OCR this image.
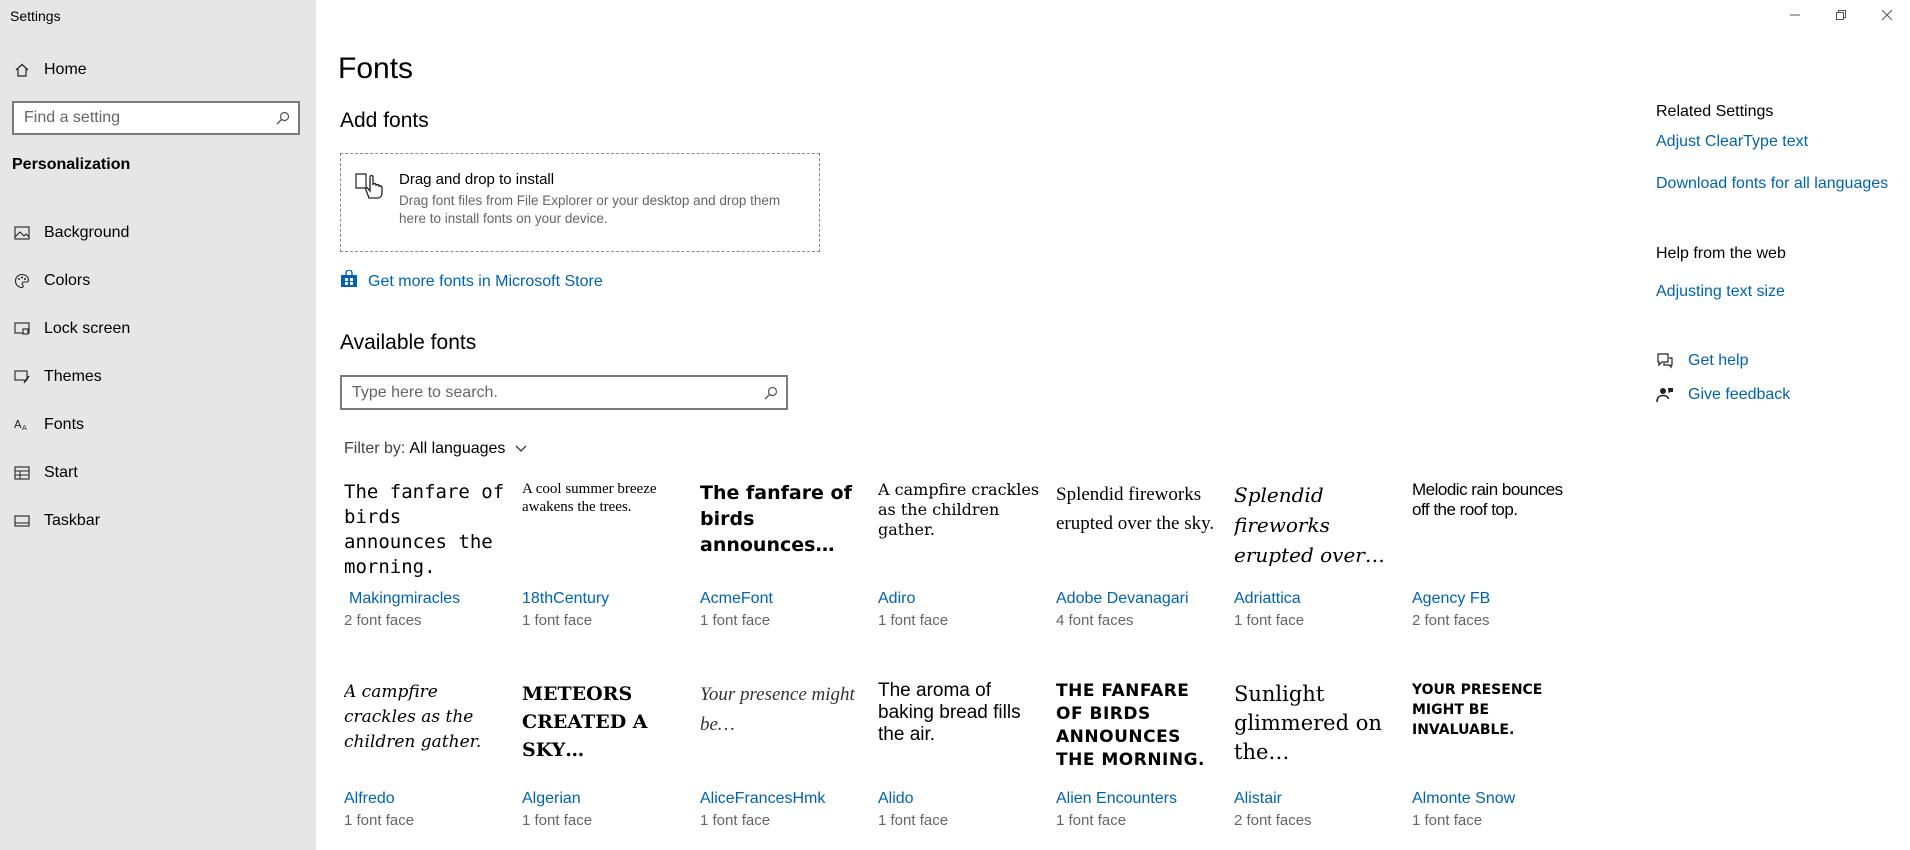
Settings
Home
Find a setting
Personalization
Background
Colors
Lock screen
Themes
A A Fonts
Start
Taskbar
Fonts
Add fonts
Drag and drop to install
Drag font files from File Explorer or your desktop and drop them here to install fonts on your device.
Get more fonts in Microsoft Store
Available fonts
Type here to search.
Filter by: All languages
The fanfare of birds announces the morning.
Makingmiracles
2 font faces
A cool summer breeze awakens the trees.
18thCentury
1 font face
The fanfare of birds announces…
AcmeFont
1 font face
A campfire crackles as the children gather.
Adiro
1 font face
Splendid fireworks erupted over the sky.
Adobe Devanagari
4 font faces
Splendid fireworks erupted over…
Adriattica
1 font face
Melodic rain bounces off the roof top.
Agency FB
2 font faces
A campfire crackles as the children gather.
Alfredo
1 font face
METEORS CREATED A SKY…
Algerian
1 font face
Your presence might be…
AliceFrancesHmk
1 font face
The aroma of baking bread fills the air.
Alido
1 font face
THE FANFARE OF BIRDS ANNOUNCES THE MORNING.
Alien Encounters
1 font face
Sunlight glimmered on the…
Alistair
2 font faces
YOUR PRESENCE MIGHT BE INVALUABLE.
Almonte Snow
1 font face
Related Settings
Adjust ClearType text
Download fonts for all languages
Help from the web
Adjusting text size
Get help
Give feedback
